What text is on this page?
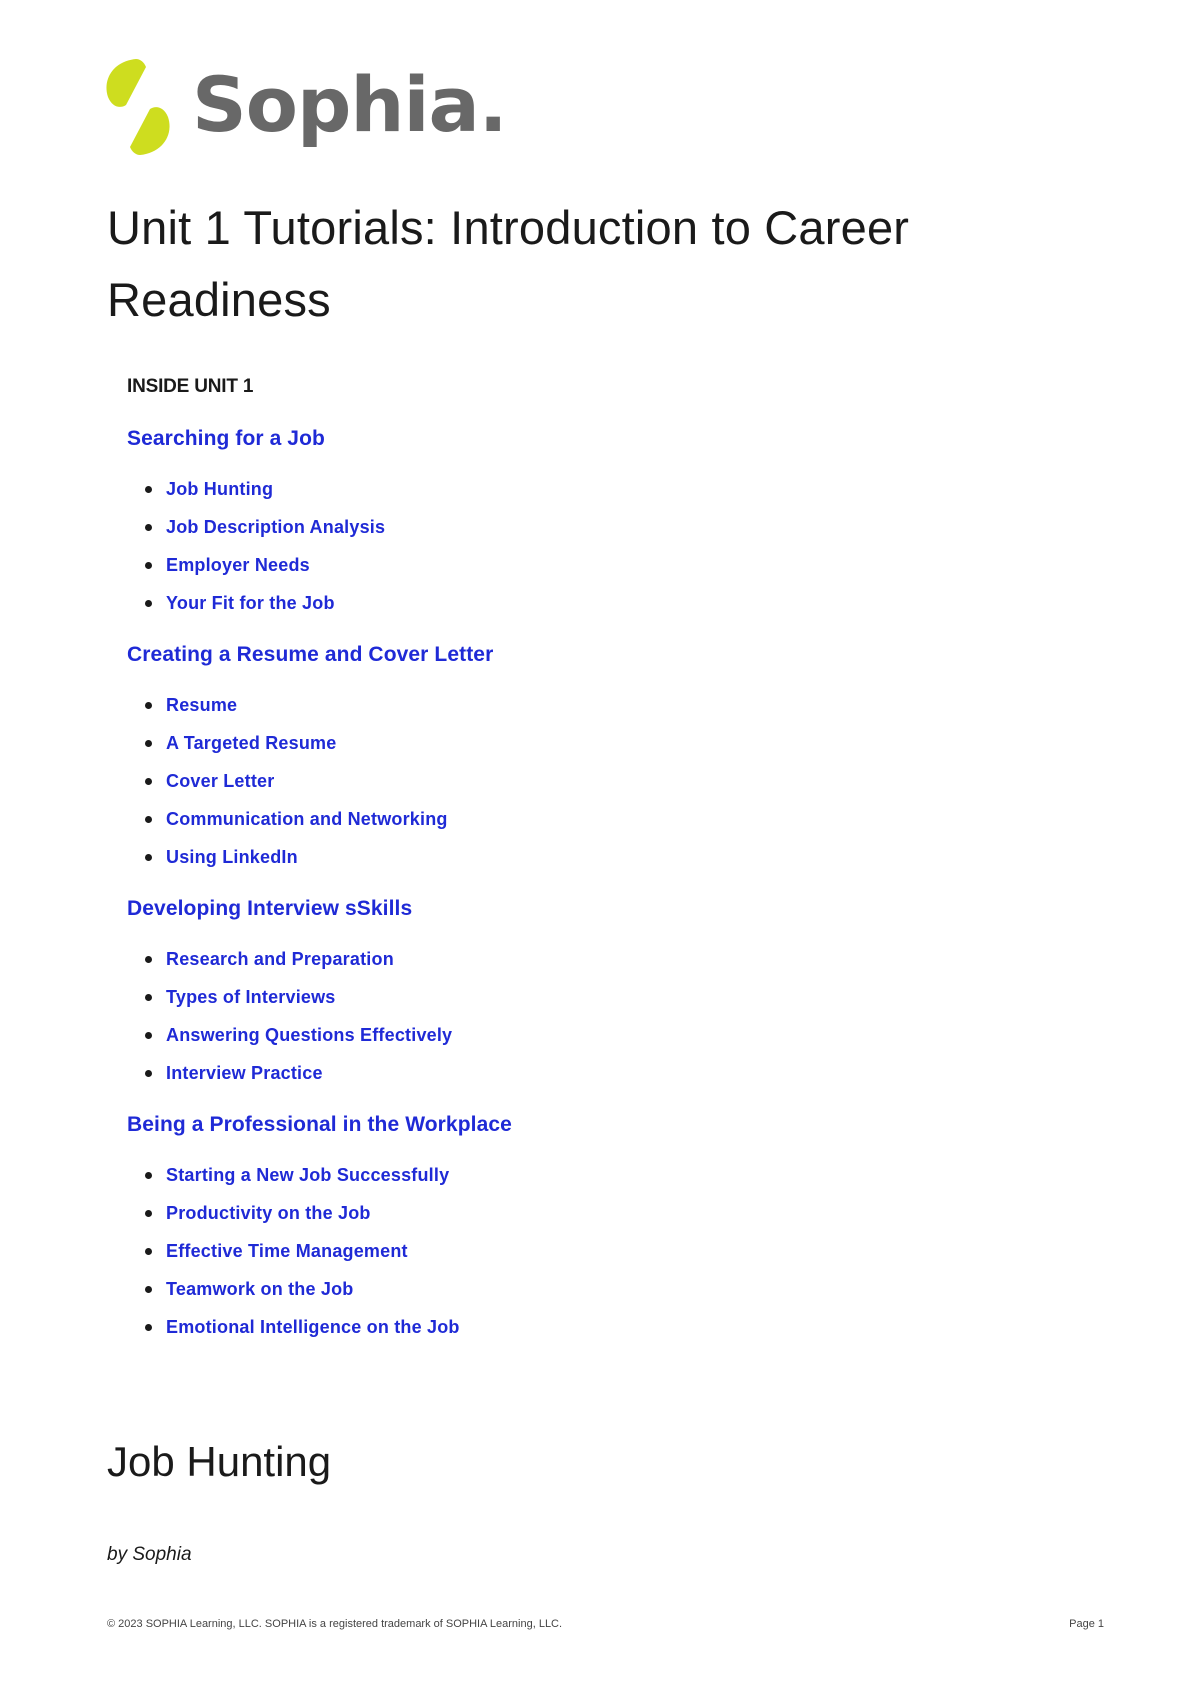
Sophia.
Unit 1 Tutorials: Introduction to Career Readiness
INSIDE UNIT 1
Searching for a Job
Job Hunting
Job Description Analysis
Employer Needs
Your Fit for the Job
Creating a Resume and Cover Letter
Resume
A Targeted Resume
Cover Letter
Communication and Networking
Using LinkedIn
Developing Interview sSkills
Research and Preparation
Types of Interviews
Answering Questions Effectively
Interview Practice
Being a Professional in the Workplace
Starting a New Job Successfully
Productivity on the Job
Effective Time Management
Teamwork on the Job
Emotional Intelligence on the Job
Job Hunting
by Sophia
© 2023 SOPHIA Learning, LLC. SOPHIA is a registered trademark of SOPHIA Learning, LLC.	Page 1
